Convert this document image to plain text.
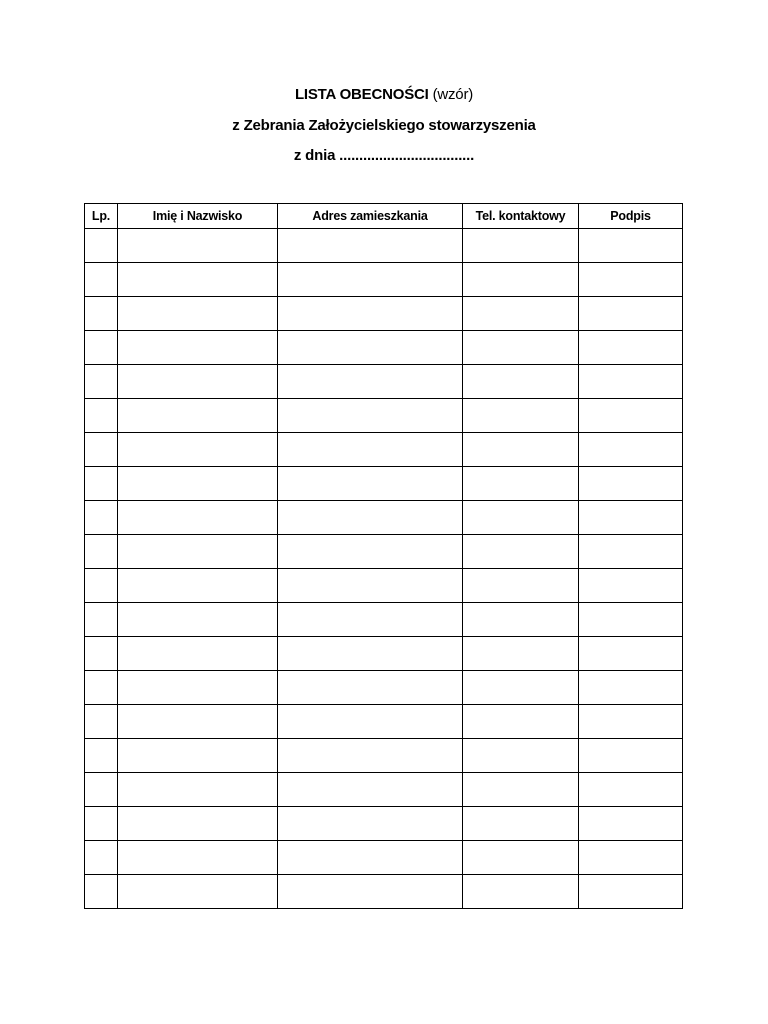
LISTA OBECNOŚCI (wzór)
z Zebrania Założycielskiego stowarzyszenia
z dnia ..................................
Lp.	Imię i Nazwisko	Adres zamieszkania	Tel. kontaktowy	Podpis
